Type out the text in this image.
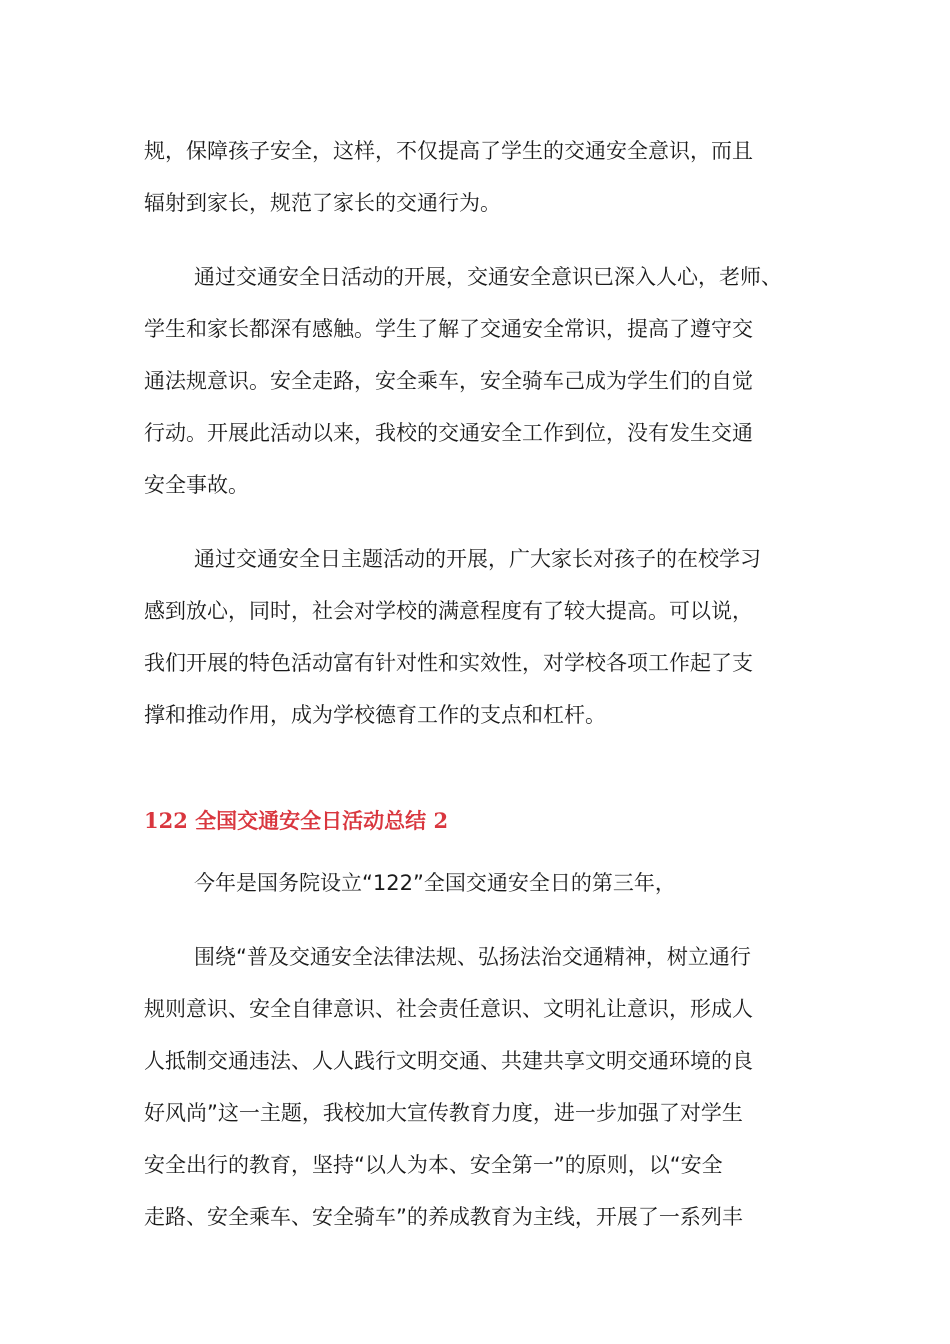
规，保障孩子安全，这样，不仅提高了学生的交通安全意识，而且
辐射到家长，规范了家长的交通行为。

通过交通安全日活动的开展，交通安全意识已深入人心，老师、
学生和家长都深有感触。学生了解了交通安全常识，提高了遵守交
通法规意识。安全走路，安全乘车，安全骑车己成为学生们的自觉
行动。开展此活动以来，我校的交通安全工作到位，没有发生交通
安全事故。

通过交通安全日主题活动的开展，广大家长对孩子的在校学习
感到放心，同时，社会对学校的满意程度有了较大提高。可以说，
我们开展的特色活动富有针对性和实效性，对学校各项工作起了支
撑和推动作用，成为学校德育工作的支点和杠杆。

122 全国交通安全日活动总结 2

今年是国务院设立“122”全国交通安全日的第三年，

围绕“普及交通安全法律法规、弘扬法治交通精神，树立通行
规则意识、安全自律意识、社会责任意识、文明礼让意识，形成人
人抵制交通违法、人人践行文明交通、共建共享文明交通环境的良
好风尚”这一主题，我校加大宣传教育力度，进一步加强了对学生
安全出行的教育，坚持“以人为本、安全第一”的原则，以“安全
走路、安全乘车、安全骑车”的养成教育为主线，开展了一系列丰
